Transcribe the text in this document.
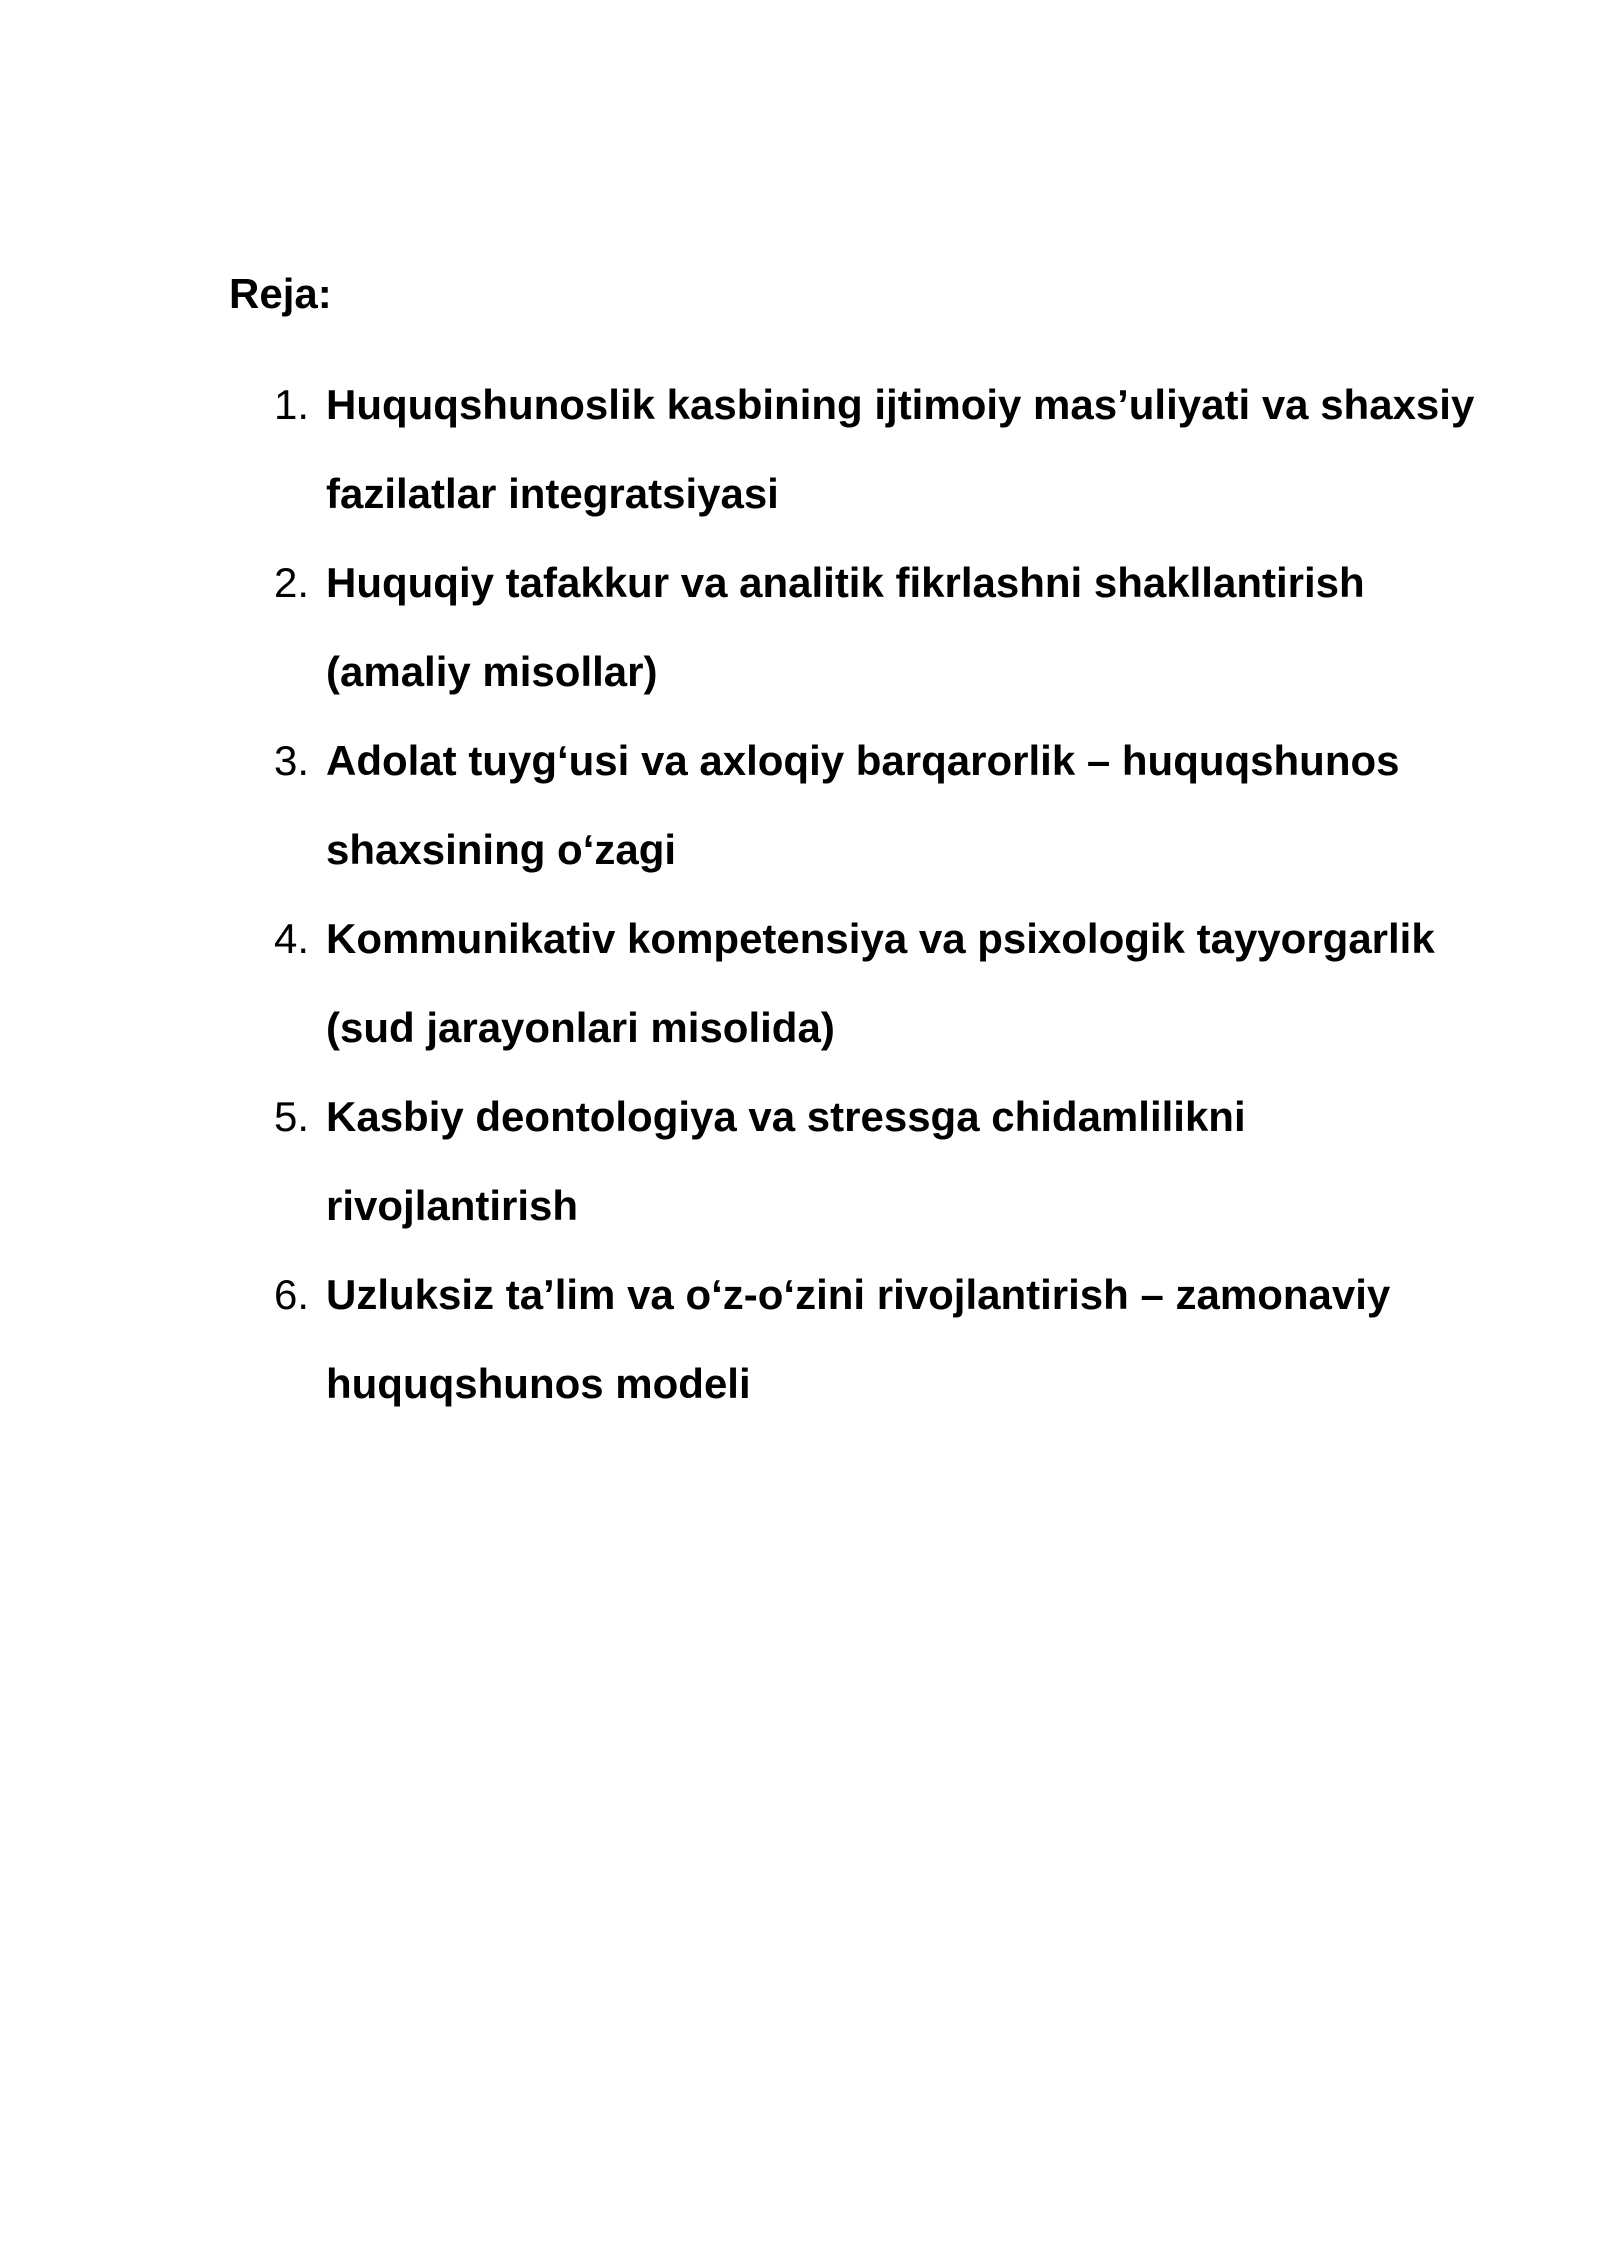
Reja:

1. Huquqshunoslik kasbining ijtimoiy mas’uliyati va shaxsiy fazilatlar integratsiyasi
2. Huquqiy tafakkur va analitik fikrlashni shakllantirish (amaliy misollar)
3. Adolat tuyg‘usi va axloqiy barqarorlik – huquqshunos shaxsining o‘zagi
4. Kommunikativ kompetensiya va psixologik tayyorgarlik (sud jarayonlari misolida)
5. Kasbiy deontologiya va stressga chidamlilikni rivojlantirish
6. Uzluksiz ta’lim va o‘z-o‘zini rivojlantirish – zamonaviy huquqshunos modeli
